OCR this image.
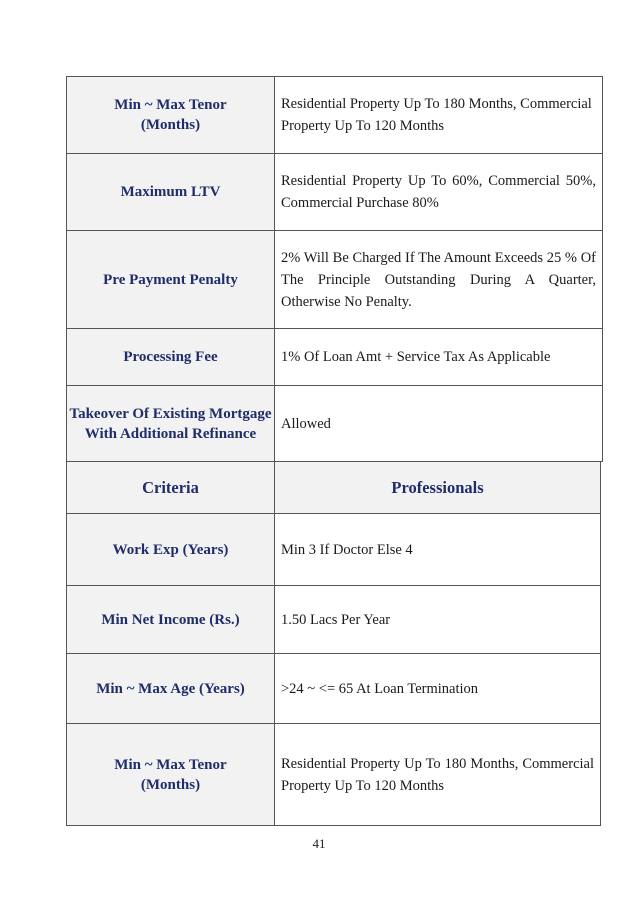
Min ~ Max Tenor (Months)	Residential Property Up To 180 Months, Commercial Property Up To 120 Months
Maximum LTV	Residential Property Up To 60%, Commercial 50%, Commercial Purchase 80%
Pre Payment Penalty	2% Will Be Charged If The Amount Exceeds 25 % Of The Principle Outstanding During A Quarter, Otherwise No Penalty.
Processing Fee	1% Of Loan Amt + Service Tax As Applicable
Takeover Of Existing Mortgage With Additional Refinance	Allowed
Criteria	Professionals
Work Exp (Years)	Min 3 If Doctor Else 4
Min Net Income (Rs.)	1.50 Lacs Per Year
Min ~ Max Age (Years)	>24 ~ <= 65 At Loan Termination
Min ~ Max Tenor (Months)	Residential Property Up To 180 Months, Commercial Property Up To 120 Months
41
